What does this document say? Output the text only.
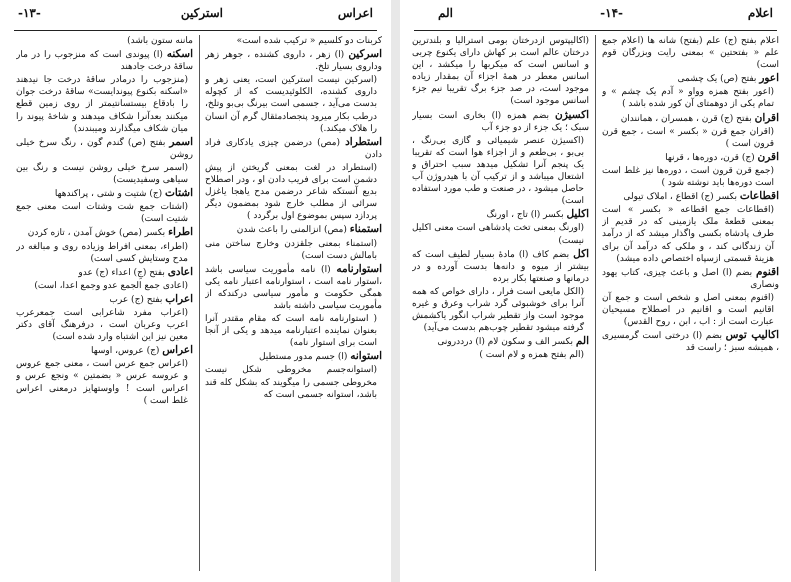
اعراس
استرکین
-۱۳-
ماننه ستون باشد)
اسکنه (ا) پیوندی است که منزجوب را در مار ساقهٔ درخت جادهند
(منزجوب را درمادر ساقهٔ درخت جا نیدهند «اسکنه بکنوع پیوندایست» ساقهٔ درخت جوان را بادقاع بیستسانتیمتر از روی زمین قطع میکنند بعدآنرا شکاف میدهند و شاخهٔ پیوند را میان شکاف میگذارند ومیبندند)
اسمر بفتح (ص) گندم گون ، رنگ سرخ خیلی روشن
(اسمر سرخ خیلی روشن نیست و رنگ بین سیاهی وسفیدیست)
اشتات (ج) شتیت و شتی ، پراکندهها
(اشتات جمع شت وشتات است معنی جمع شتیت است)
اطراء بکسر (مص) خوش آمدن ، تازه کردن
(اطراء، بمعنی افراط وزیاده روی و مبالغه در مدح وستایش کسی است)
اعادی بفتح (جِ) اعداء (ج) عدو
(اعادی جمع الجمع عدو وجمع اعدا، است)
اعراب بفتح (ج) عرب
(اعراب مفرد شاعرابی است جمعرعرب اعرب وعربان است ، درفرهنگ آقای دکتر معین نیز این اشتباه وارد شده است)
اعراس (ج) عروس، اوسها
(اعراس جمع عرس است ، معنی جمع عروس و عروسه عرس « بضمتین » ونجع عرس و اعراس است ! واوستهایز درمعنی اعراس غلط است )
کربنات دو کلسیم « ترکیب شده است»
اسرکین (ا) زهر ، داروی کشنده ، جوهر زهر وداروی بسیار تلخ.
(اسرکین نیست استرکین است، یعنی زهر و داروی کشنده، الکلوئیدیست که از کچوله بدست می‌آید ، جسمی است بیرنگ بی‌بو وتلخ، درطب بکار میرود پنجصادمثقال گرم آن انسان را هلاک میکند.)
استطراد (مص) درضمن چیزی یادکاری فراد دادن
(استطراد در لغت بمعنی گریختن از پیش دشمن است برای فریب دادن او ، ودر اصطلاح بدیع آنستکه شاعر درضمن مدح یاهجا یاغزل سرائی از مطلب خارج شود بمضمون دیگر پردازد سپس بموضوع اول برگردد )
استمناء (مص) انزالمنی را باعث شدن
(استمناء بمعنی جلقزدن وخارج ساختن منی بامالش دست است)
استوارنامه (ا) نامه مأموریت سیاسی باشد ،استوار نامه است ، استوارنامه اعتبار نامه یکی همگی حکومت و مأمور سیاسی درکندکه از مأموریت سیاسی داشته باشد
( استوارنامه نامه است که مقام مقتدر آنرا بعنوان نماینده اعتبارنامه میدهد و یکی از آنجا است برای استوار نامه)
استوانه (ا) جسم مدور مستطیل
(استوانه‌جسم مخروطی شکل نیست مخروطی جسمی را میگویند که بشکل کله قند باشد، استوانه جسمی است که
اعلام
-۱۴-
الم
اعلام بفتح (ج) علم (بفتح) شانه ها (اعلام جمع علم « بفتحتین » بمعنی رایت وبزرگان قوم است)
اعور بفتح (ص) یک چشمی
(اعور بفتح همزه وواو « آدم یک چشم » و تمام یکی از دوهمتای آن کور شده باشد )
اقران بفتح (ج) قرن ، همسران ، همانندان
(اقران جمع قرن « بکسر » است ، جمع قرن قرون است )
اقرن (ج) قرن، دوره‌ها ، قرنها
(جمع قرن قرون است ، دوره‌ها نیز غلط است است دوره‌ها باید نوشته شود )
اقطاعات بکسر (ج) اقطاع ، املاک تیولی
(اقطاعات جمع اقطاعه « بکسر » است بمعنی قطعهٔ ملک یازمینی که در قدیم از طرف پادشاه بکسی واگذار میشد که از درآمد آن زندگانی کند ، و ملکی که درآمد آن برای هزینهٔ قسمتی ازسپاه اختصاص داده میشد)
اقنوم بضم (ا) اصل و باعث چیزی، کتاب یهود ونصاری
(اقنوم بمعنی اصل و شخص است و جمع آن اقانیم است و اقانیم در اصطلاح مسیحیان عبارت است از : اب ، ابن ، روح القدس)
اکالیپ توس بضم (ا) درختی است گرمسیری ، همیشه سبز ؛ راست قد
(اکالیپتوس ازدرختان بومی استرالیا و بلندترین درختان عالم است بر کهاش دارای یکنوع چربی و اسانس است که میکربها را میکشد ، این اسانس معطر در همهٔ اجزاء آن بمقدار زیاده موجود است، در صد جزء برگ تقریبا نیم جزء اسانس موجود است)
اکسیژن بضم همزه (ا) بخاری است بسیار سبک ؛ یک جزء از دو جزء آب
(اکسیژن عنصر شیمیائی و گازی بی‌رنگ ، بی‌بو ، بی‌طعم و از اجزاء هوا است که تقریبا یک پنجم آنرا تشکیل میدهد سبب احتراق و اشتعال میباشد و از ترکیب آن با هیدروژن آب حاصل میشود ، در صنعت و طب مورد استفاده است)
اکلیل بکسر (ا) تاج ، اورنگ
(اورنگ بمعنی تخت پادشاهی است معنی اکلیل نیست)
اکل بضم کاف (ا) مادهٔ بسیار لطیف است که بیشتر از میوه و دانه‌ها بدست آورده و در درمانها و صنعتها بکار برده
(الکل مایعی است فرار ، دارای خواص که همه آنرا برای خوشبوئی گرد شراب وعرق و غیره موجود است واز تقطیر شراب انگور یاکشمش گرفته میشود تقطیر چوب‌هم بدست می‌آید)
الم بکسر الف و سکون لام (ا) درددرونی
(الم بفتح همزه و لام است )
